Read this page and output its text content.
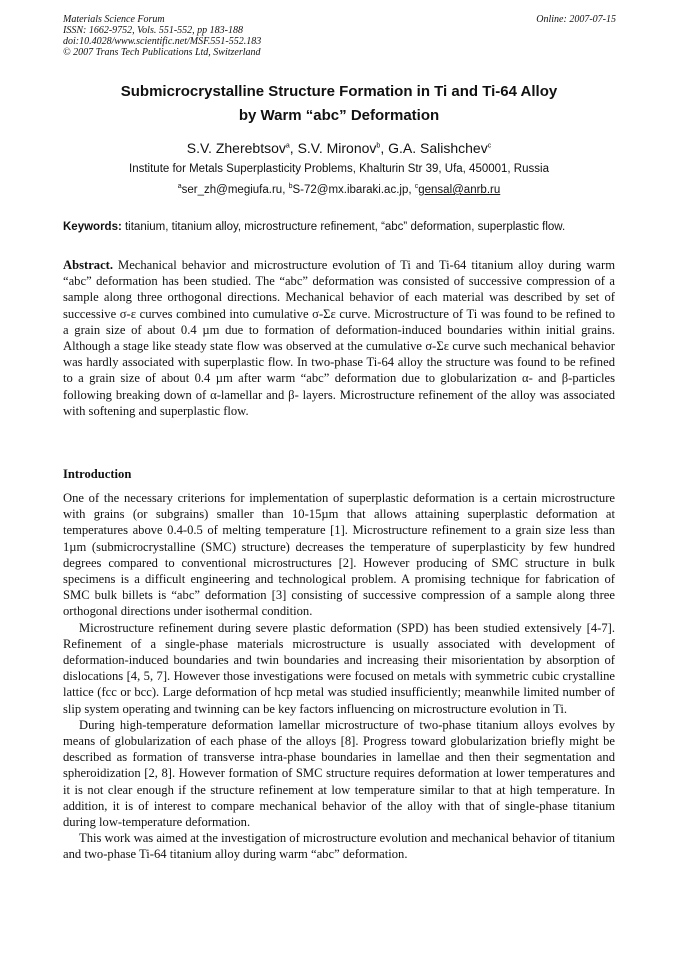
Materials Science Forum
ISSN: 1662-9752, Vols. 551-552, pp 183-188
doi:10.4028/www.scientific.net/MSF.551-552.183
© 2007 Trans Tech Publications Ltd, Switzerland
Online: 2007-07-15
Submicrocrystalline Structure Formation in Ti and Ti-64 Alloy
by Warm “abc” Deformation
S.V. Zherebtsov$^a$, S.V. Mironov$^b$, G.A. Salishchev$^c$
Institute for Metals Superplasticity Problems, Khalturin Str 39, Ufa, 450001, Russia
$^a$ser_zh@megiufa.ru, $^b$S-72@mx.ibaraki.ac.jp, $^c$gensal@anrb.ru
Keywords: titanium, titanium alloy, microstructure refinement, “abc” deformation, superplastic flow.
Abstract. Mechanical behavior and microstructure evolution of Ti and Ti-64 titanium alloy during warm “abc” deformation has been studied. The “abc” deformation was consisted of successive compression of a sample along three orthogonal directions. Mechanical behavior of each material was described by set of successive σ-ε curves combined into cumulative σ-Σε curve. Microstructure of Ti was found to be refined to a grain size of about 0.4 µm due to formation of deformation-induced boundaries within initial grains. Although a stage like steady state flow was observed at the cumulative σ-Σε curve such mechanical behavior was hardly associated with superplastic flow. In two-phase Ti-64 alloy the structure was found to be refined to a grain size of about 0.4 µm after warm “abc” deformation due to globularization α- and β-particles following breaking down of α-lamellar and β- layers. Microstructure refinement of the alloy was associated with softening and superplastic flow.
Introduction

One of the necessary criterions for implementation of superplastic deformation is a certain microstructure with grains (or subgrains) smaller than 10-15µm that allows attaining superplastic deformation at temperatures above 0.4-0.5 of melting temperature [1]. Microstructure refinement to a grain size less than 1µm (submicrocrystalline (SMC) structure) decreases the temperature of superplasticity by few hundred degrees compared to conventional microstructures [2]. However producing of SMC structure in bulk specimens is a difficult engineering and technological problem. A promising technique for fabrication of SMC bulk billets is “abc” deformation [3] consisting of successive compression of a sample along three orthogonal directions under isothermal condition.

Microstructure refinement during severe plastic deformation (SPD) has been studied extensively [4-7]. Refinement of a single-phase materials microstructure is usually associated with development of deformation-induced boundaries and twin boundaries and increasing their misorientation by absorption of dislocations [4, 5, 7]. However those investigations were focused on metals with symmetric cubic crystalline lattice (fcc or bcc). Large deformation of hcp metal was studied insufficiently; meanwhile limited number of slip system operating and twinning can be key factors influencing on microstructure evolution in Ti.

During high-temperature deformation lamellar microstructure of two-phase titanium alloys evolves by means of globularization of each phase of the alloys [8]. Progress toward globularization briefly might be described as formation of transverse intra-phase boundaries in lamellae and then their segmentation and spheroidization [2, 8]. However formation of SMC structure requires deformation at lower temperatures and it is not clear enough if the structure refinement at low temperature similar to that at high temperature. In addition, it is of interest to compare mechanical behavior of the alloy with that of single-phase titanium during low-temperature deformation.

This work was aimed at the investigation of microstructure evolution and mechanical behavior of titanium and two-phase Ti-64 titanium alloy during warm “abc” deformation.
